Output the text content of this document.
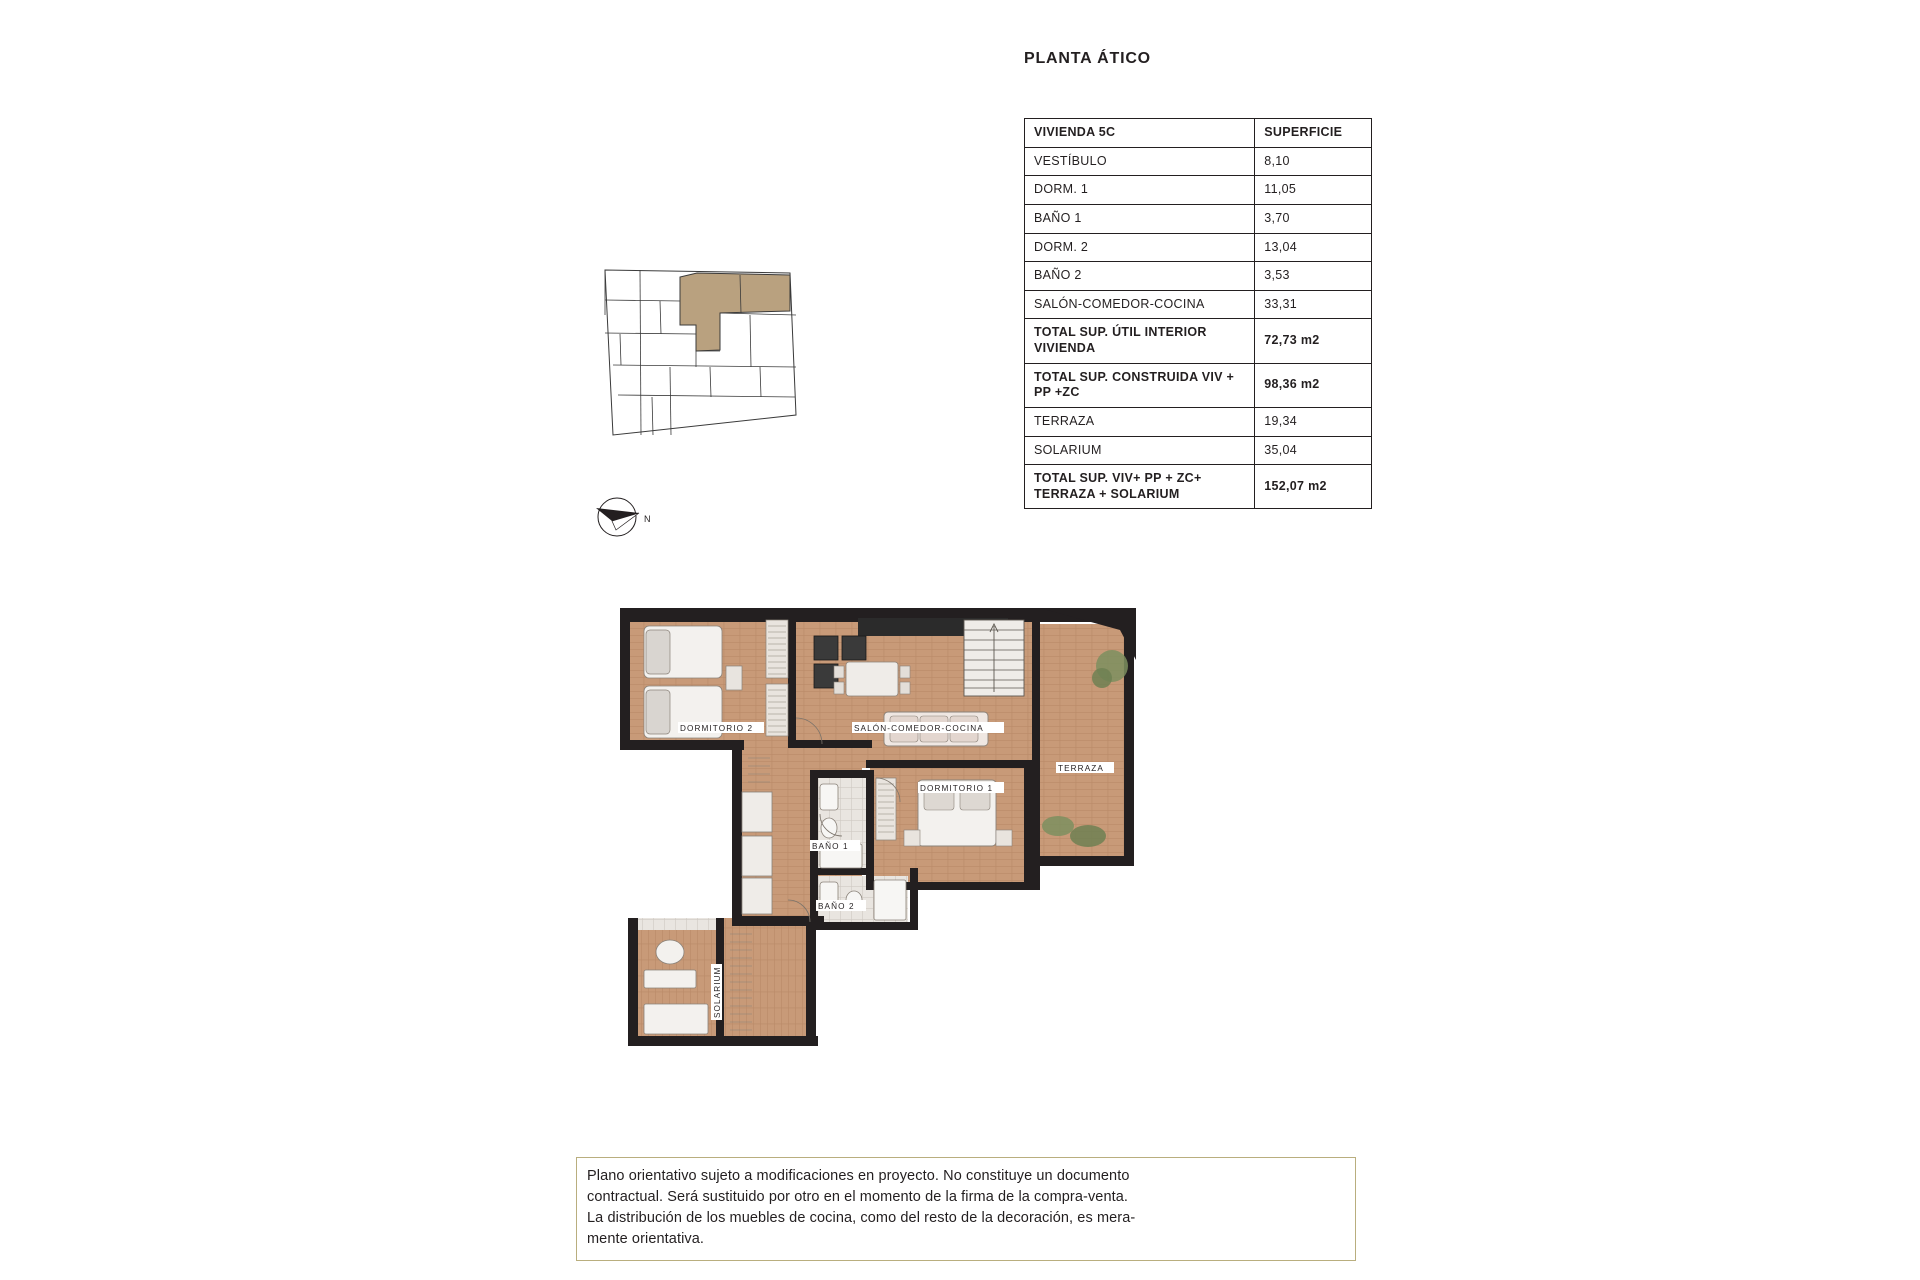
PLANTA ÁTICO
VIVIENDA 5C	SUPERFICIE
VESTÍBULO	8,10
DORM. 1	11,05
BAÑO 1	3,70
DORM. 2	13,04
BAÑO 2	3,53
SALÓN-COMEDOR-COCINA	33,31
TOTAL SUP. ÚTIL INTERIOR VIVIENDA	72,73 m2
TOTAL SUP. CONSTRUIDA VIV + PP +ZC	98,36 m2
TERRAZA	19,34
SOLARIUM	35,04
TOTAL SUP. VIV+ PP + ZC+ TERRAZA + SOLARIUM	152,07 m2
N
DORMITORIO 2	SALÓN-COMEDOR-COCINA
TERRAZA
DORMITORIO 1
BAÑO 1
BAÑO 2
SOLARIUM

Plano orientativo sujeto a modificaciones en proyecto. No constituye un documento

contractual. Será sustituido por otro en el momento de la firma de la compra-venta.

La distribución de los muebles de cocina, como del resto de la decoración, es mera-

mente orientativa.
